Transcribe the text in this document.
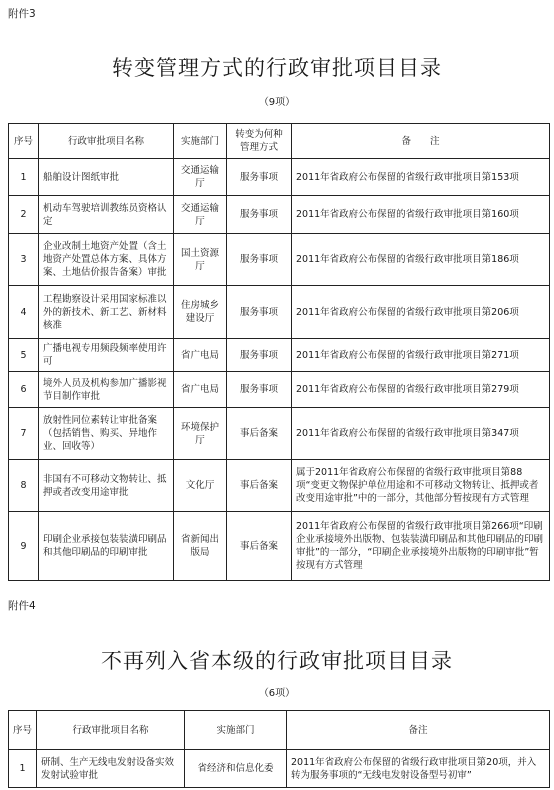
附件3
转变管理方式的行政审批项目目录
（9项）
序号	行政审批项目名称	实施部门	转变为何种管理方式	备　　注
1	船舶设计图纸审批	交通运输厅	服务事项	2011年省政府公布保留的省级行政审批项目第153项
2	机动车驾驶培训教练员资格认定	交通运输厅	服务事项	2011年省政府公布保留的省级行政审批项目第160项
3	企业改制土地资产处置（含土地资产处置总体方案、具体方案、土地估价报告备案）审批	国土资源厅	服务事项	2011年省政府公布保留的省级行政审批项目第186项
4	工程勘察设计采用国家标准以外的新技术、新工艺、新材料核准	住房城乡建设厅	服务事项	2011年省政府公布保留的省级行政审批项目第206项
5	广播电视专用频段频率使用许可	省广电局	服务事项	2011年省政府公布保留的省级行政审批项目第271项
6	境外人员及机构参加广播影视节目制作审批	省广电局	服务事项	2011年省政府公布保留的省级行政审批项目第279项
7	放射性同位素转让审批备案（包括销售、购买、异地作业、回收等）	环境保护厅	事后备案	2011年省政府公布保留的省级行政审批项目第347项
8	非国有不可移动文物转让、抵押或者改变用途审批	文化厅	事后备案	属于2011年省政府公布保留的省级行政审批项目第88项“变更文物保护单位用途和不可移动文物转让、抵押或者改变用途审批”中的一部分，其他部分暂按现有方式管理
9	印刷企业承接包装装潢印刷品和其他印刷品的印刷审批	省新闻出版局	事后备案	2011年省政府公布保留的省级行政审批项目第266项“印刷企业承接境外出版物、包装装潢印刷品和其他印刷品的印刷审批”的一部分，“印刷企业承接境外出版物的印刷审批”暂按现有方式管理
附件4
不再列入省本级的行政审批项目目录
（6项）
序号	行政审批项目名称	实施部门	备注
1	研制、生产无线电发射设备实效发射试验审批	省经济和信息化委	2011年省政府公布保留的省级行政审批项目第20项，并入转为服务事项的“无线电发射设备型号初审”
